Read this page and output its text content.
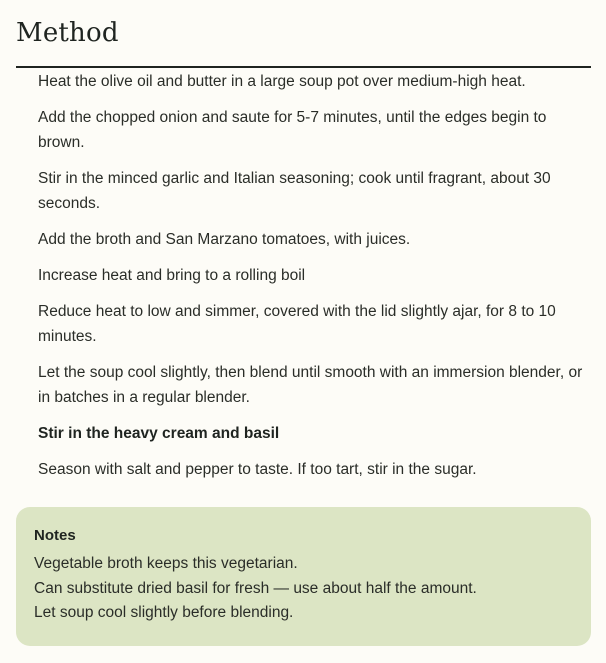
Method
Heat the olive oil and butter in a large soup pot over medium-high heat.
Add the chopped onion and saute for 5-7 minutes, until the edges begin to brown.
Stir in the minced garlic and Italian seasoning; cook until fragrant, about 30 seconds.
Add the broth and San Marzano tomatoes, with juices.
Increase heat and bring to a rolling boil
Reduce heat to low and simmer, covered with the lid slightly ajar, for 8 to 10 minutes.
Let the soup cool slightly, then blend until smooth with an immersion blender, or in batches in a regular blender.
Stir in the heavy cream and basil
Season with salt and pepper to taste. If too tart, stir in the sugar.
Notes
Vegetable broth keeps this vegetarian.
Can substitute dried basil for fresh — use about half the amount.
Let soup cool slightly before blending.
